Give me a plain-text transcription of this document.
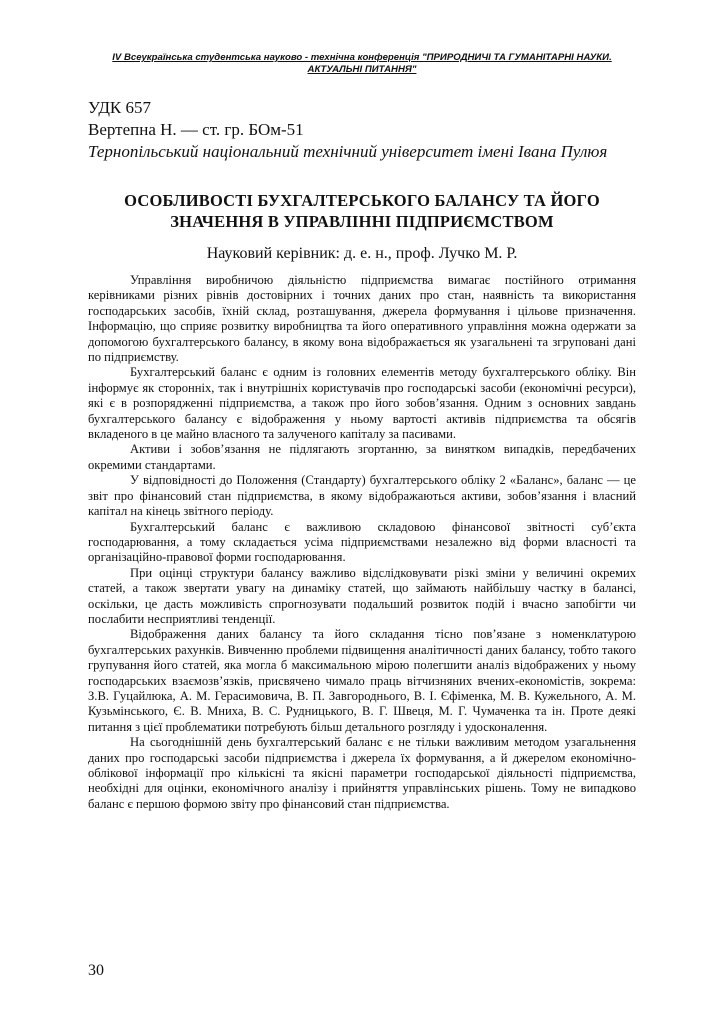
IV Всеукраїнська студентська науково - технічна конференція "ПРИРОДНИЧІ ТА ГУМАНІТАРНІ НАУКИ. АКТУАЛЬНІ ПИТАННЯ"
УДК 657
Вертепна Н. — ст. гр. БОм-51
Тернопільський національний технічний університет імені Івана Пулюя
ОСОБЛИВОСТІ БУХГАЛТЕРСЬКОГО БАЛАНСУ ТА ЙОГО ЗНАЧЕННЯ В УПРАВЛІННІ ПІДПРИЄМСТВОМ
Науковий керівник: д. е. н., проф. Лучко М. Р.

Управління виробничою діяльністю підприємства вимагає постійного отримання керівниками різних рівнів достовірних і точних даних про стан, наявність та використання господарських засобів, їхній склад, розташування, джерела формування і цільове призначення. Інформацію, що сприяє розвитку виробництва та його оперативного управління можна одержати за допомогою бухгалтерського балансу, в якому вона відображається як узагальнені та згруповані дані по підприємству.

Бухгалтерський баланс є одним із головних елементів методу бухгалтерського обліку. Він інформує як сторонніх, так і внутрішніх користувачів про господарські засоби (економічні ресурси), які є в розпорядженні підприємства, а також про його зобов’язання. Одним з основних завдань бухгалтерського балансу є відображення у ньому вартості активів підприємства та обсягів вкладеного в це майно власного та залученого капіталу за пасивами.

Активи і зобов’язання не підлягають згортанню, за винятком випадків, передбачених окремими стандартами.

У відповідності до Положення (Стандарту) бухгалтерського обліку 2 «Баланс», баланс — це звіт про фінансовий стан підприємства, в якому відображаються активи, зобов’язання і власний капітал на кінець звітного періоду.

Бухгалтерський баланс є важливою складовою фінансової звітності суб’єкта господарювання, а тому складається усіма підприємствами незалежно від форми власності та організаційно-правової форми господарювання.

При оцінці структури балансу важливо відслідковувати різкі зміни у величині окремих статей, а також звертати увагу на динаміку статей, що займають найбільшу частку в балансі, оскільки, це дасть можливість спрогнозувати подальший розвиток подій і вчасно запобігти чи послабити несприятливі тенденції.

Відображення даних балансу та його складання тісно пов’язане з номенклатурою бухгалтерських рахунків. Вивченню проблеми підвищення аналітичності даних балансу, тобто такого групування його статей, яка могла б максимальною мірою полегшити аналіз відображених у ньому господарських взаємозв’язків, присвячено чимало праць вітчизняних вчених-економістів, зокрема: З.В. Гуцайлюка, А. М. Герасимовича, В. П. Завгороднього, В. І. Єфіменка, М. В. Кужельного, А. М. Кузьмінського, Є. В. Мниха, В. С. Рудницького, В. Г. Швеця, М. Г. Чумаченка та ін. Проте деякі питання з цієї проблематики потребують більш детального розгляду і удосконалення.

На сьогоднішній день бухгалтерський баланс є не тільки важливим методом узагальнення даних про господарські засоби підприємства і джерела їх формування, а й джерелом економічно-облікової інформації про кількісні та якісні параметри господарської діяльності підприємства, необхідні для оцінки, економічного аналізу і прийняття управлінських рішень. Тому не випадково баланс є першою формою звіту про фінансовий стан підприємства.

30
